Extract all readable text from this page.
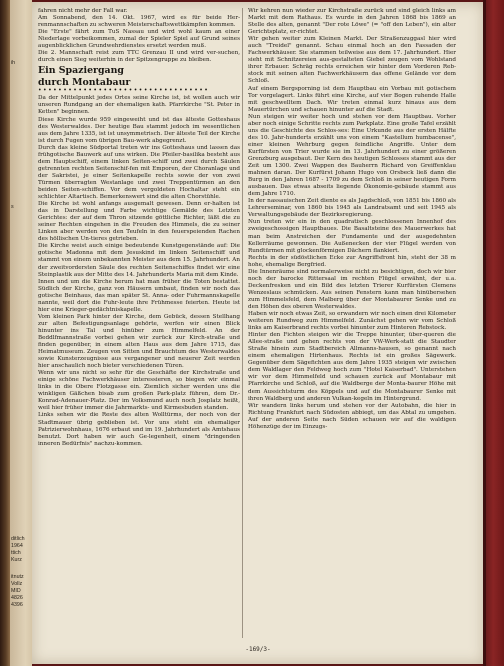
ih
s
ditlich
1964
ttich
Kurz
itnutz
Vollz
MID
4826
4396

fahren nicht mehr der Fall war.

Am Sonnabend, den 14. Okt. 1967, wird es für beide Her-renmannschaften zu schweren Meisterschaftswettkämpfen kommen.

Die "Erste" fährt zum TuS Nassau und wird wohl kaum an einer Niederlage vorbeikommen, zumal der Spieler Spiel auf Grund seines augenblicklichen Grundwehrdienstes ersetzt werden muß.

Die 2. Mannschaft reist zum TTC Grenzau II und wird ver-suchen, durch einen Sieg weiterhin in der Spitzengruppe zu bleiben.

Ein Spaziergang
durch Montabaur
••••••••••••••••••••••••••••••••••

Da der Mittelpunkt jedes Ortes seine Kirche ist, ist wollen auch wir unseren Rundgang an der ehemaligen kath. Pfarrkirche "St. Peter in Ketten" beginnen.

Diese Kirche wurde 959 eingeweiht und ist das älteste Gotteshaus des Westerwaldes. Der heutige Bau stammt jedoch im wesentlichen aus dem Jahre 1335, ist ist unsymmetrisch. Der älteste Teil der Kirche ist durch Fugen vom übrigen Bau-werk abgegrenzt.

Durch das kleine Südportal treten wir ins Gotteshaus und lassen das frühgotische Bauwerk auf uns wirken. Die Pfeiler-basilika besteht aus dem Hauptschiff, einem linken Seiten-schiff und zwei durch Säulen getrennten rechten Seitenschif-fen mit Emporen, der Choranlage und der Sakristei, je einer Seitenkapelle rechts sowie der von zwei Türmen überragten Westanlage und zwei Treppentürmen an den beiden Seiten-schiffen. Vor dem vergoldeten Hochaltar steht ein schlichter Altartisch. Bemerkenswert sind die alten Chorstühle.

Die Kirche ist wohl anfangs ausgemalt gewesen. Denn er-halten ist das in Darstellung und Farbe wichtige Gemälde des Letzten Gerichtes: der auf dem Thron sitzende göttliche Richter, läßt die zu seiner Rechten eingehen in die Freuden des Himmels, die zu seiner Linken aber werden von den Teufeln in den feuerspeienden Rachen des höllischen Un-tieres getrieben.

Die Kirche weist auch einige bedeutende Kunstgegenstände auf: Die gotische Madonna mit dem Jesuskind im linken Seitenschiff und stammt von einem unbekannten Meister aus dem 15. Jahrhundert. An der zweitvordersten Säule des rechten Seitenschiffes findet wir eine Steinplastik aus der Mitte des 14. Jahrhunderts Maria mit dem Kinde.

Innen und um die Kirche herum hat man früher die Toten bestattet. Südlich der Kirche, ganz von Häusern umbaut, finden wir noch das gotische Beinhaus, das man später St. Anna- oder Fuhrmannskapelle nannte, weil dort die Fuhr-leute ihre Frühmesse feierten. Heute ist hier eine Krieger-gedächtniskapelle.

Vom kleinen Park hinter der Kirche, dem Gebück, dessen Stellhang zur alten Befestigungsanlage gehörte, werfen wir einen Blick hinunter ins Tal und hinüber zum Himmelfeld. An der Beddlfmannstraße vorbei gehen wir zurück zur Kirch-straße und finden gegenüber, in einem alten Haus aus dem Jahre 1715, das Heimatmuseum. Zeugen von Sitten und Brauchtum des Westerwaldes sowie Kunsterzeugnisse aus vergangener und neuerer Zeit werden hier anschaulich noch bieter verschiedenen Türen.

Wenn wir uns nicht so sehr für die Geschäfte der Kirchstraße und einige schöne Fachwerkhäuser interessieren, so biegen wir einmal links in die Obere Flotzgasse ein. Ziemlich sicher werden uns die winkligen Gäßchen bisab zum großen Park-platz führen, dem Dr.-Konrad-Adenauer-Platz. Der im Volksmund auch noch Josplatz heißt, weil hier früher immer die Jahrmarkts- und Kirmesbuden standen.

Links sehen wir die Reste des alten Wolltürms, der noch von der Stadtmauer übrig geblieben ist. Vor uns steht ein ehemaliger Patrizierwohnhaus, 1676 erbaut und im 19. Jahrhundert als Amtshaus benutzt. Dort haben wir auch Ge-legenheit, einem "dringenden inneren Bedürfnis" nachzu-kommen.

Wir kehren nun wieder zur Kirchstraße zurück und sind gleich links am Markt mit dem Rathaus. Es wurde in den Jahren 1868 bis 1869 an Stelle des alten, genannt "Der rote Löwe" (= "off den Leben"), ein alter Gerichtsplatz, er-richtet.

Wir gehen weiter zum Kleinen Markt. Der Straßenzuggasl hier wird auch "Treidel" genannt. Schau einmal hoch an den Fassaden der Fachwerkhäuser. Sie stammen teilweise aus dem 17. Jahrhundert. Hier sieht mit Schnitzereien aus-gestalteten Giebel zeugen vom Wohlstand ihrer Erbauer. Schräg rechts erreichen wir hinter dem Vorderen Reb-stock mit seinen alten Fachwerkhäusern das offene Gelände vor dem Schloß.

Auf einem Bergsporning ist dem Hauptbau ein Vorbau mit gotischem Tor vorgelagert. Links führt eine Kirche, auf vier Bogen ruhende Halle mit geschwelltem Dach. Wir treten einmal kurz hinaus aus dem Mauertürchen und schauen hinunter auf die Stadt.

Nun steigen wir weiter hoch und stehen vor dem Hauptbau. Vorher aber noch einige Schritte rechts zum Parkplatz. Eine große Tafel erzählt uns die Geschichte des Schlos-ses: Eine Urkunde aus der ersten Hälfte des 10. Jahr-hunderts erzählt uns von einem "Kastellum humbacense", einer kleinen Wehrburg gegen feindliche Angriffe. Unter dem Kurfürsten von Trier wurde sie im 13. Jahrhundert zu einer größeren Grenzburg ausgebaut. Der Kern des heutigen Schlosses stammt aus der Zeit um 1300. Zwei Wappen des Bauherrn Richard von Greiffenklau mahnen daran. Der Kurfürst Johann Hugo von Orsbeck ließ dann die Burg in den Jahren 1687 - 1709 zu dem Schloß in seiner heutigen Form ausbauen. Das etwas abseits liegende Ökonomie-gebäude stammt aus dem Jahre 1710.

In der nassauischen Zeit diente es als Jagdschloß, von 1851 bis 1860 als Lehrerseminar, von 1860 bis 1945 als Landratsamt und seit 1945 als Verwaltungsgebäude der Bezirksregierung.

Nun treten wir ein in den quadratisch geschlossenen Innenhof des zweigeschossigen Hauptbaues. Die Basaltsteine des Mauerwerkes hat man beim Anstreichen der Fundamente und der ausgedehnten Kellerräume gewonnen. Die Außenecken der vier Flügel werden von Rundtürmen mit glockenförmigen Dächern flankiert.

Rechts in der südöstlichen Ecke zur Angriffsfront hin, steht der 38 m hohe, ehemalige Bergfried.

Die Innenräume sind normalerweise nicht zu besichtigen, doch wir bier noch der barocke Rittersaal im rechten Flügel erwähnt, der u.a. Deckenfresken und ein Bild des letzten Trierer Kurfürsten Clemens Wenzeslaus schmücken. Aus seinen Fenstern kann man hinübersehen zum Himmelsfeld, dem Malberg über der Montabaurer Senke und zu den Höhen des oberen Westerwaldes.

Haben wir noch etwas Zeit, so erwandern wir noch einen drei Kilometer weiteren Rundweg zum Himmelfeld. Zunächst gehen wir vom Schloß links am Kaiserbrand rechts vorbei hinunter zum Hinteren Rebstock.

Hinter den Fichten steigen wir die Treppe hinunter, über-queren die Allee-straße und gehen rechts von der VW-Werk-statt die Staudter Straße hinein zum Stadtbereich Allmanns-hausen, so genannt nach einem ehemaligen Hirtenhaus. Rechts ist ein großes Sägewerk. Gegenüber dem Sägefichten aus dem Jahre 1935 steigen wir zwischen dem Waldlager den Feldweg hoch zum "Hotel Kaiserbad". Unterstehen wir vor dem Himmelfeld und schauen zurück auf Montabaur mit Pfarrkirche und Schloß, auf die Waldberge der Monta-baurer Höhe mit dem Aussichtsturm des Köppels und auf die Montabaurer Senke mit ihren Waldberg und anderen Vulkan-kegeln im Hintergrund.

Wir wandern links herum und stehen vor der Autobahn, die hier in Richtung Frankfurt nach Südosten abbiegt, um das Abtal zu umgehen. Auf der anderen Seite nach Süden schauen wir auf die waldigen Höhenzüge der im Einzugs-

-169/3-
